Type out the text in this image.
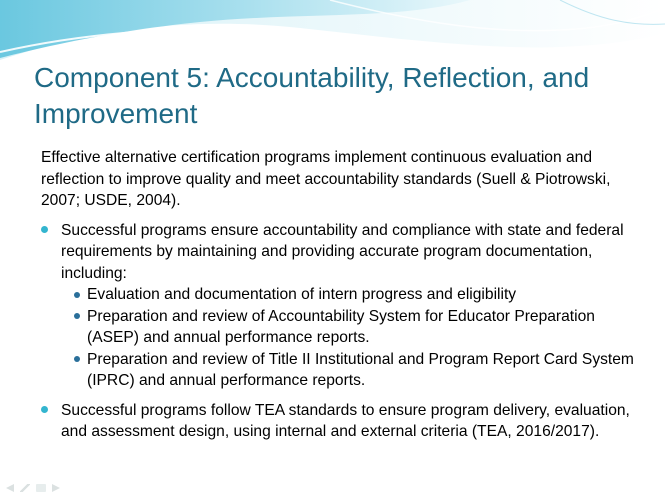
Component 5: Accountability, Reflection, and Improvement

Effective alternative certification programs implement continuous evaluation and reflection to improve quality and meet accountability standards (Suell & Piotrowski, 2007; USDE, 2004).

Successful programs ensure accountability and compliance with state and federal requirements by maintaining and providing accurate program documentation, including:
Evaluation and documentation of intern progress and eligibility
Preparation and review of Accountability System for Educator Preparation (ASEP) and annual performance reports.
Preparation and review of Title II Institutional and Program Report Card System (IPRC) and annual performance reports.
Successful programs follow TEA standards to ensure program delivery, evaluation, and assessment design, using internal and external criteria (TEA, 2016/2017).
